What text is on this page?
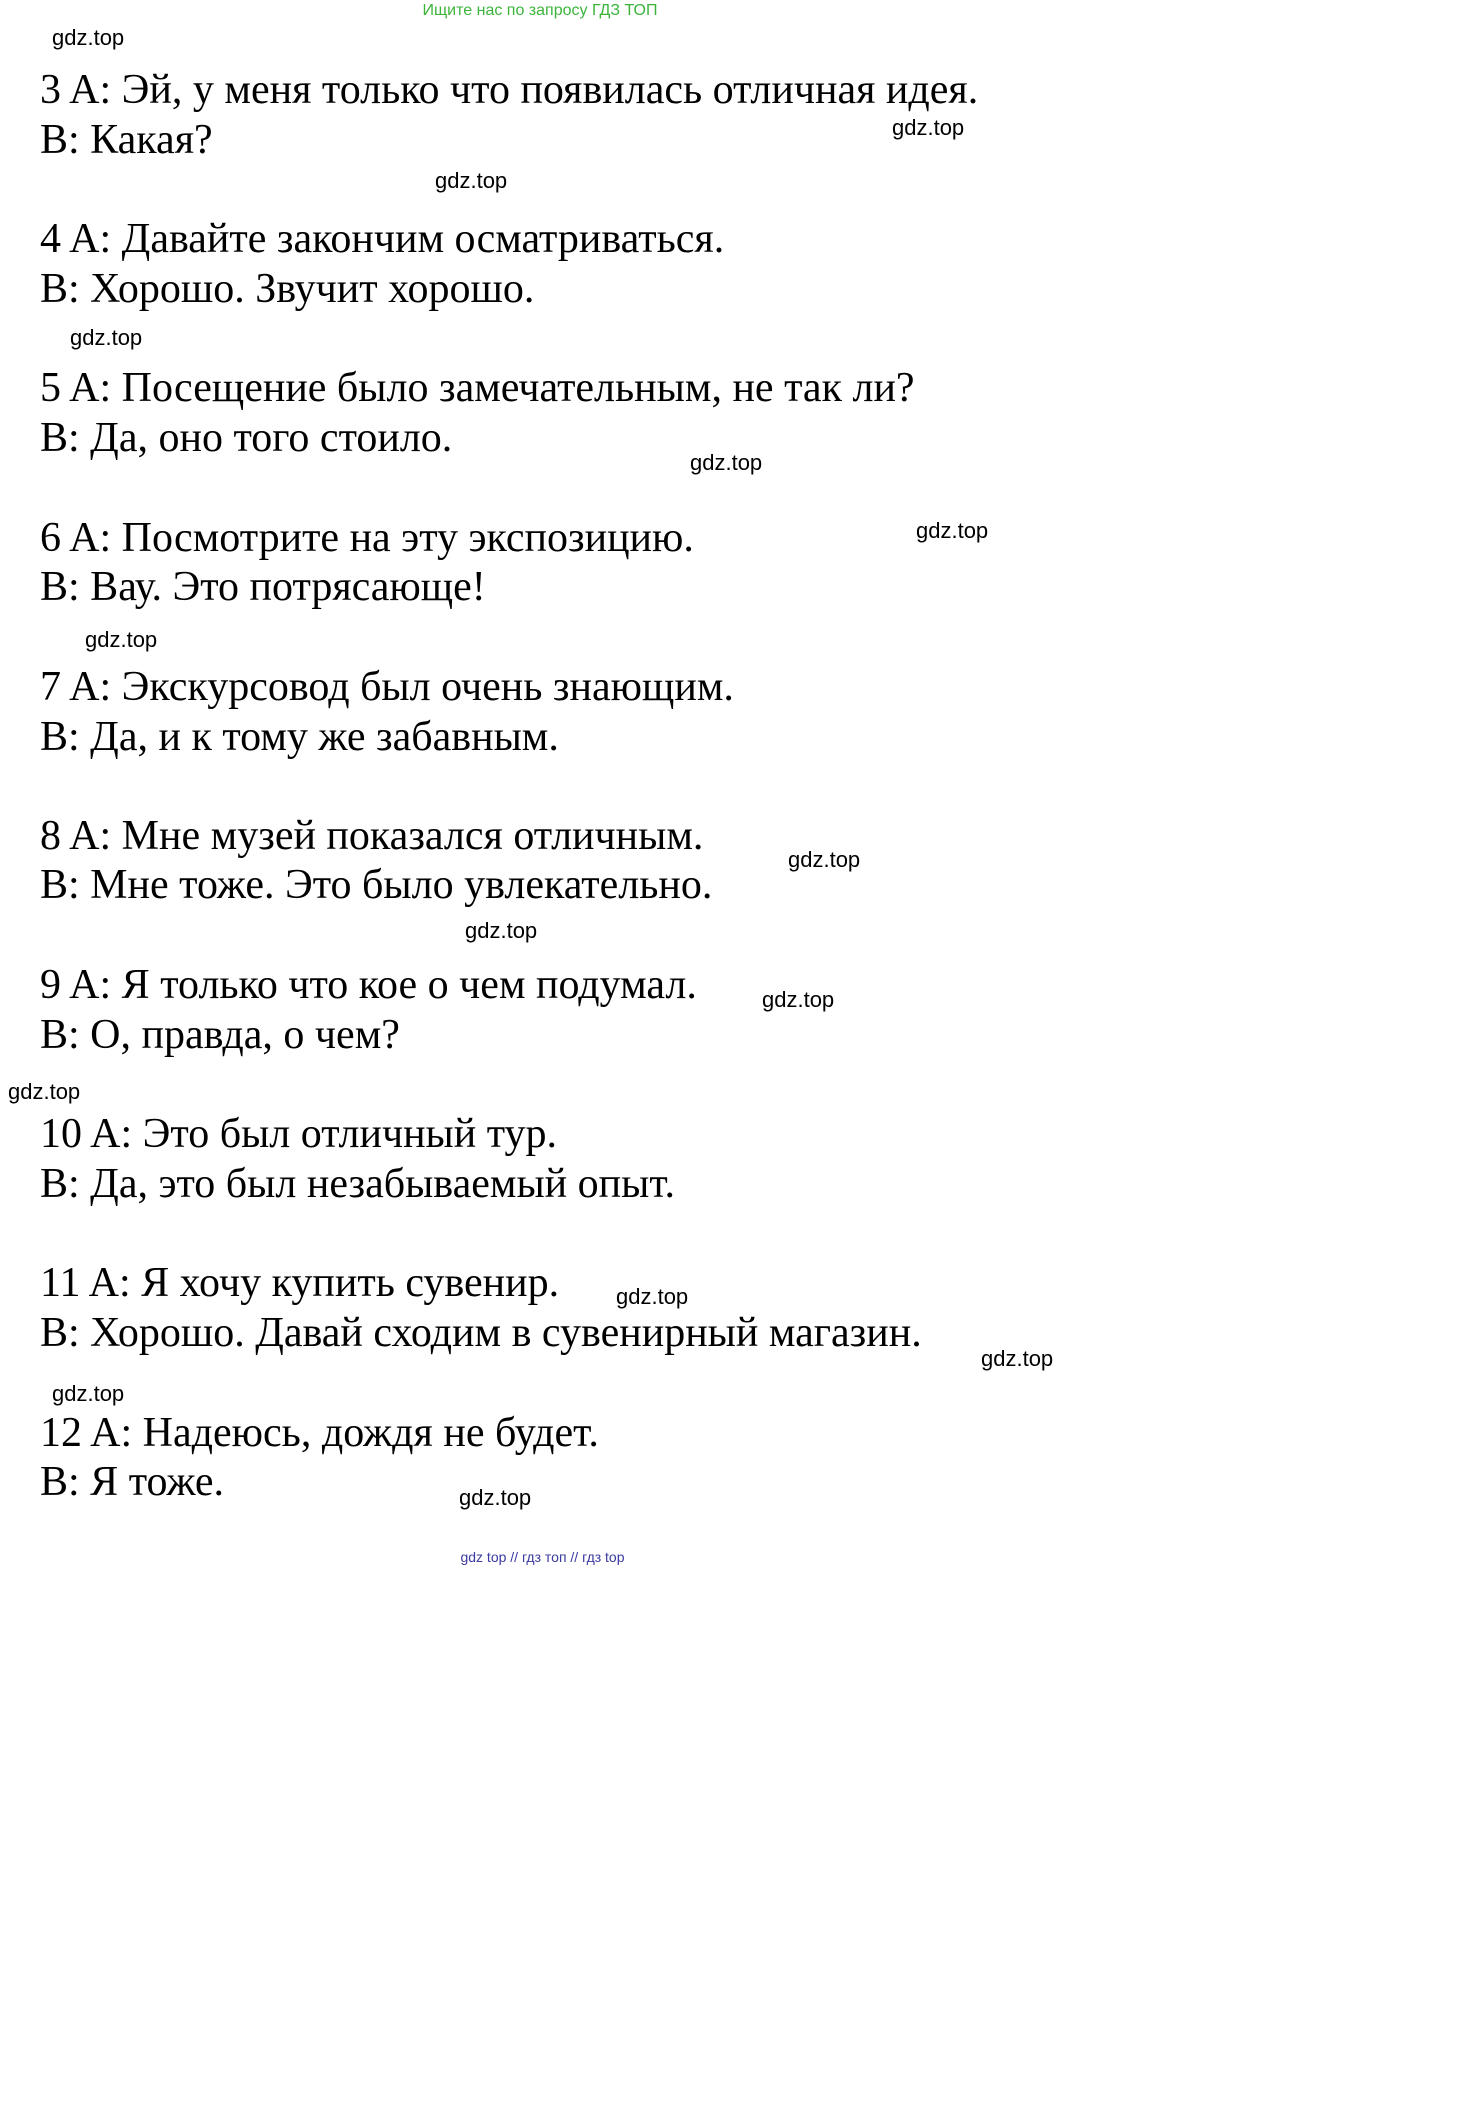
Ищите нас по запросу ГДЗ ТОП
gdz.top
gdz.top
gdz.top
gdz.top
gdz.top
gdz.top
gdz.top
gdz.top
gdz.top
gdz.top
gdz.top
gdz.top
gdz.top
gdz.top
gdz.top
3 A: Эй, у меня только что появилась отличная идея.
B: Какая?
4 A: Давайте закончим осматриваться.
B: Хорошо. Звучит хорошо.
5 A: Посещение было замечательным, не так ли?
B: Да, оно того стоило.
6 A: Посмотрите на эту экспозицию.
B: Вау. Это потрясающе!
7 A: Экскурсовод был очень знающим.
B: Да, и к тому же забавным.
8 A: Мне музей показался отличным.
B: Мне тоже. Это было увлекательно.
9 A: Я только что кое о чем подумал.
B: О, правда, о чем?
10 A: Это был отличный тур.
B: Да, это был незабываемый опыт.
11 A: Я хочу купить сувенир.
B: Хорошо. Давай сходим в сувенирный магазин.
12 A: Надеюсь, дождя не будет.
B: Я тоже.
gdz top // гдз топ // гдз top
